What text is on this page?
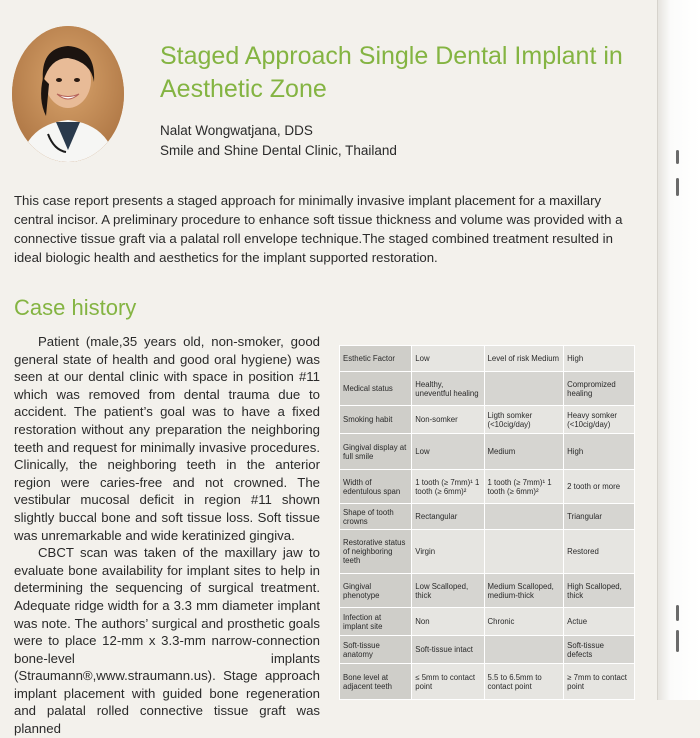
Staged Approach Single Dental Implant in Aesthetic Zone
Nalat Wongwatjana, DDS
Smile and Shine Dental Clinic, Thailand

This case report presents a staged approach for minimally invasive implant placement for a maxillary central incisor. A preliminary procedure to enhance soft tissue thickness and volume was provided with a connective tissue graft via a palatal roll envelope technique.The staged combined treatment resulted in ideal biologic health and aesthetics for the implant supported restoration.

Case history

Patient (male,35 years old, non-smoker, good general state of health and good oral hygiene) was seen at our dental clinic with space in position #11 which was removed from dental trauma due to accident. The patient’s goal was to have a fixed restoration without any preparation the neighboring teeth and request for minimally invasive procedures. Clinically, the neighboring teeth in the anterior region were caries-free and not crowned. The vestibular mucosal deficit in region #11 shown slightly buccal bone and soft tissue loss. Soft tissue was unremarkable and wide keratinized gingiva.

CBCT scan was taken of the maxillary jaw to evaluate bone availability for implant sites to help in determining the sequencing of surgical treatment. Adequate ridge width for a 3.3 mm diameter implant was note. The authors’ surgical and prosthetic goals were to place 12-mm x 3.3-mm narrow-connection bone-level implants (Straumann®,www.straumann.us). Stage approach implant placement with guided bone regeneration and palatal rolled connective tissue graft was planned

Esthetic Factor	Low	Level of risk Medium	High
Medical status	Healthy, uneventful healing		Compromized healing
Smoking habit	Non-somker	Ligth somker (<10cig/day)	Heavy somker (<10cig/day)
Gingival display at full smile	Low	Medium	High
Width of edentulous span	1 tooth (≥ 7mm)¹ 1 tooth (≥ 6mm)²	1 tooth (≥ 7mm)¹ 1 tooth (≥ 6mm)²	2 tooth or more
Shape of tooth crowns	Rectangular		Triangular
Restorative status of neighboring teeth	Virgin		Restored
Gingival phenotype	Low Scalloped, thick	Medium Scalloped, medium-thick	High Scalloped, thick
Infection at implant site	Non	Chronic	Actue
Soft-tissue anatomy	Soft-tissue intact		Soft-tissue defects
Bone level at adjacent teeth	≤ 5mm to contact point	5.5 to 6.5mm to contact point	≥ 7mm to contact point
